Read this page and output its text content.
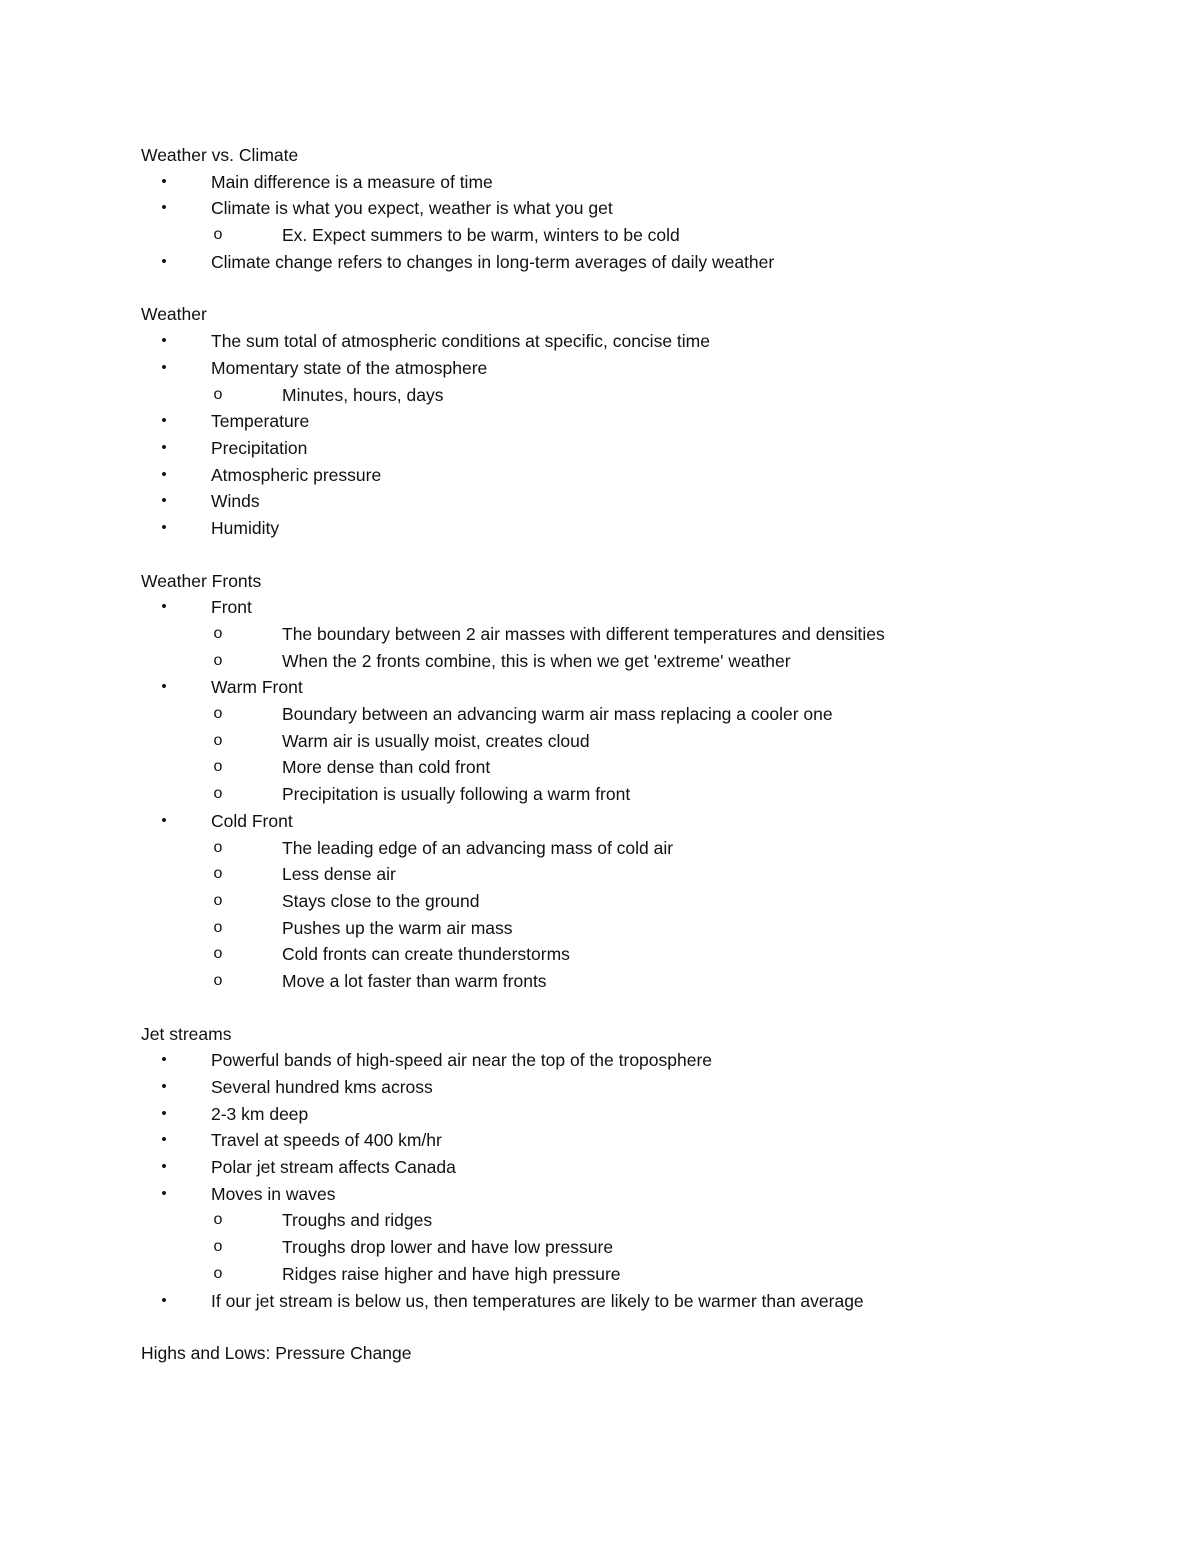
Weather vs. Climate
•	Main difference is a measure of time
•	Climate is what you expect, weather is what you get
o	Ex. Expect summers to be warm, winters to be cold
•	Climate change refers to changes in long-term averages of daily weather
Weather
•	The sum total of atmospheric conditions at specific, concise time
•	Momentary state of the atmosphere
o	Minutes, hours, days
•	Temperature
•	Precipitation
•	Atmospheric pressure
•	Winds
•	Humidity
Weather Fronts
•	Front
o	The boundary between 2 air masses with different temperatures and densities
o	When the 2 fronts combine, this is when we get 'extreme' weather
•	Warm Front
o	Boundary between an advancing warm air mass replacing a cooler one
o	Warm air is usually moist, creates cloud
o	More dense than cold front
o	Precipitation is usually following a warm front
•	Cold Front
o	The leading edge of an advancing mass of cold air
o	Less dense air
o	Stays close to the ground
o	Pushes up the warm air mass
o	Cold fronts can create thunderstorms
o	Move a lot faster than warm fronts
Jet streams
•	Powerful bands of high-speed air near the top of the troposphere
•	Several hundred kms across
•	2-3 km deep
•	Travel at speeds of 400 km/hr
•	Polar jet stream affects Canada
•	Moves in waves
o	Troughs and ridges
o	Troughs drop lower and have low pressure
o	Ridges raise higher and have high pressure
•	If our jet stream is below us, then temperatures are likely to be warmer than average
Highs and Lows: Pressure Change
